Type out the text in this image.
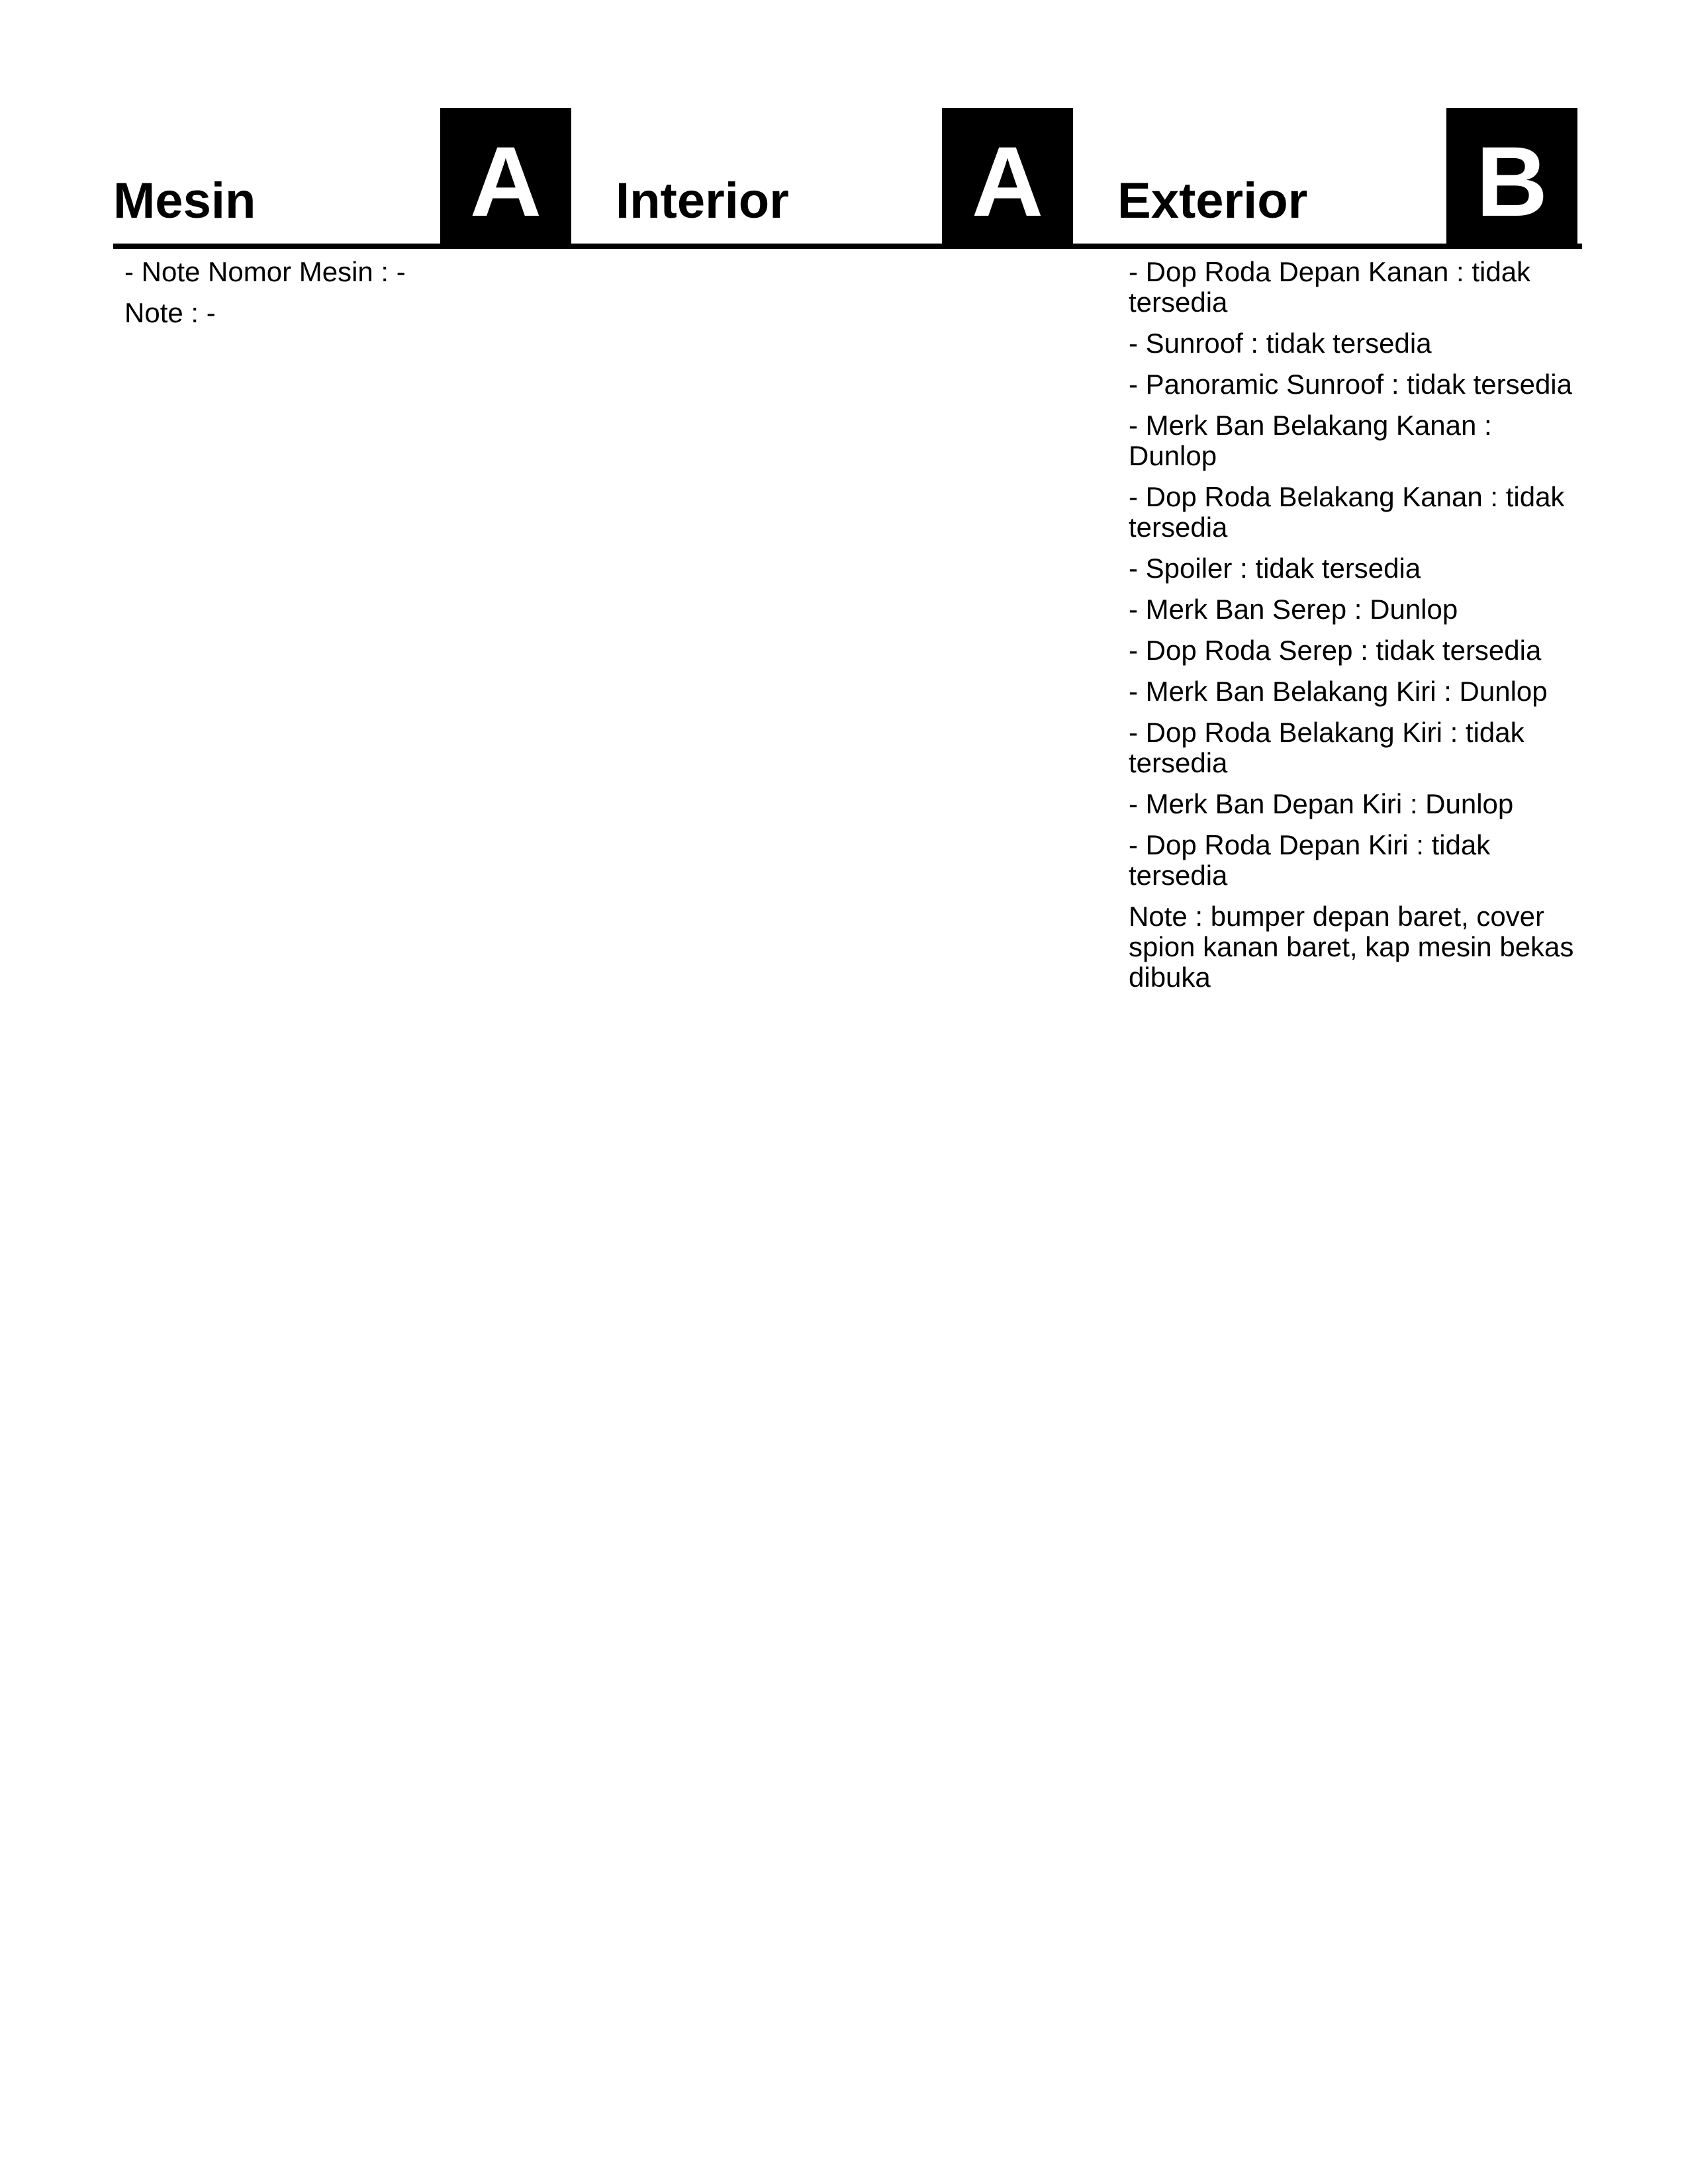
Mesin A
- Note Nomor Mesin : -
Note : -
Interior A	Exterior B
- Dop Roda Depan Kanan : tidak tersedia
- Sunroof : tidak tersedia
- Panoramic Sunroof : tidak tersedia
- Merk Ban Belakang Kanan : Dunlop
- Dop Roda Belakang Kanan : tidak tersedia
- Spoiler : tidak tersedia
- Merk Ban Serep : Dunlop
- Dop Roda Serep : tidak tersedia
- Merk Ban Belakang Kiri : Dunlop
- Dop Roda Belakang Kiri : tidak tersedia
- Merk Ban Depan Kiri : Dunlop
- Dop Roda Depan Kiri : tidak tersedia
Note : bumper depan baret, cover spion kanan baret, kap mesin bekas dibuka
